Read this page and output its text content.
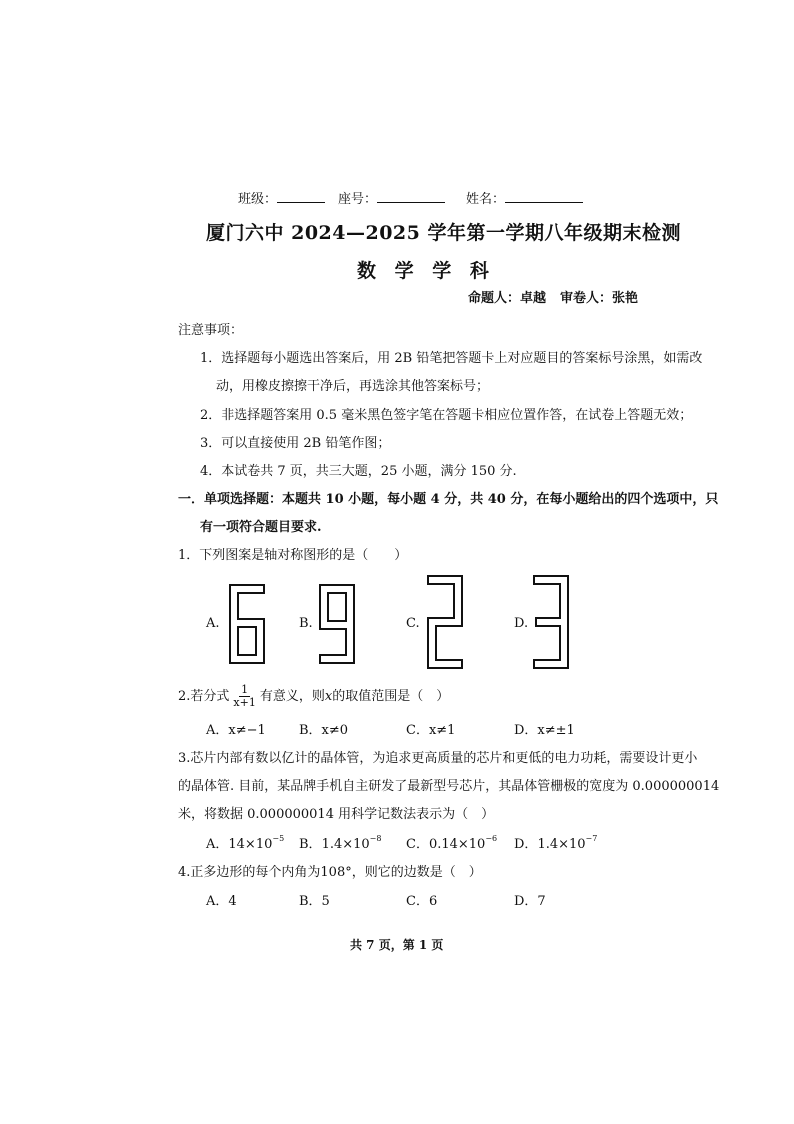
班级：	座号：	姓名：
厦门六中 2024—2025 学年第一学期八年级期末检测
数 学 学 科
命题人：卓越 审卷人：张艳
注意事项：
1．选择题每小题选出答案后，用 2B 铅笔把答题卡上对应题目的答案标号涂黑，如需改
动，用橡皮擦擦干净后，再选涂其他答案标号；
2．非选择题答案用 0.5 毫米黑色签字笔在答题卡相应位置作答，在试卷上答题无效；
3．可以直接使用 2B 铅笔作图；
4．本试卷共 7 页，共三大题，25 小题，满分 150 分.
一．单项选择题：本题共 10 小题，每小题 4 分，共 40 分，在每小题给出的四个选项中，只
有一项符合题目要求.
1．下列图案是轴对称图形的是（　　）
A.	B.	C.	D.
2.若分式 $\frac{1}{x+1}$ 有意义，则x的取值范围是（　）
A．x≠−1	B．x≠0	C．x≠1	D．x≠±1
3.芯片内部有数以亿计的晶体管，为追求更高质量的芯片和更低的电力功耗，需要设计更小
的晶体管. 目前，某品牌手机自主研发了最新型号芯片，其晶体管栅极的宽度为 0.000000014
米，将数据 0.000000014 用科学记数法表示为（　）
A．$14\times 10^{-5}$ B．$1.4\times 10^{-8}$ C．$0.14\times 10^{-6}$ D．$1.4\times 10^{-7}$
4.正多边形的每个内角为108°，则它的边数是（　）
A．4	B．5	C．6	D．7
共 7 页，第 1 页
